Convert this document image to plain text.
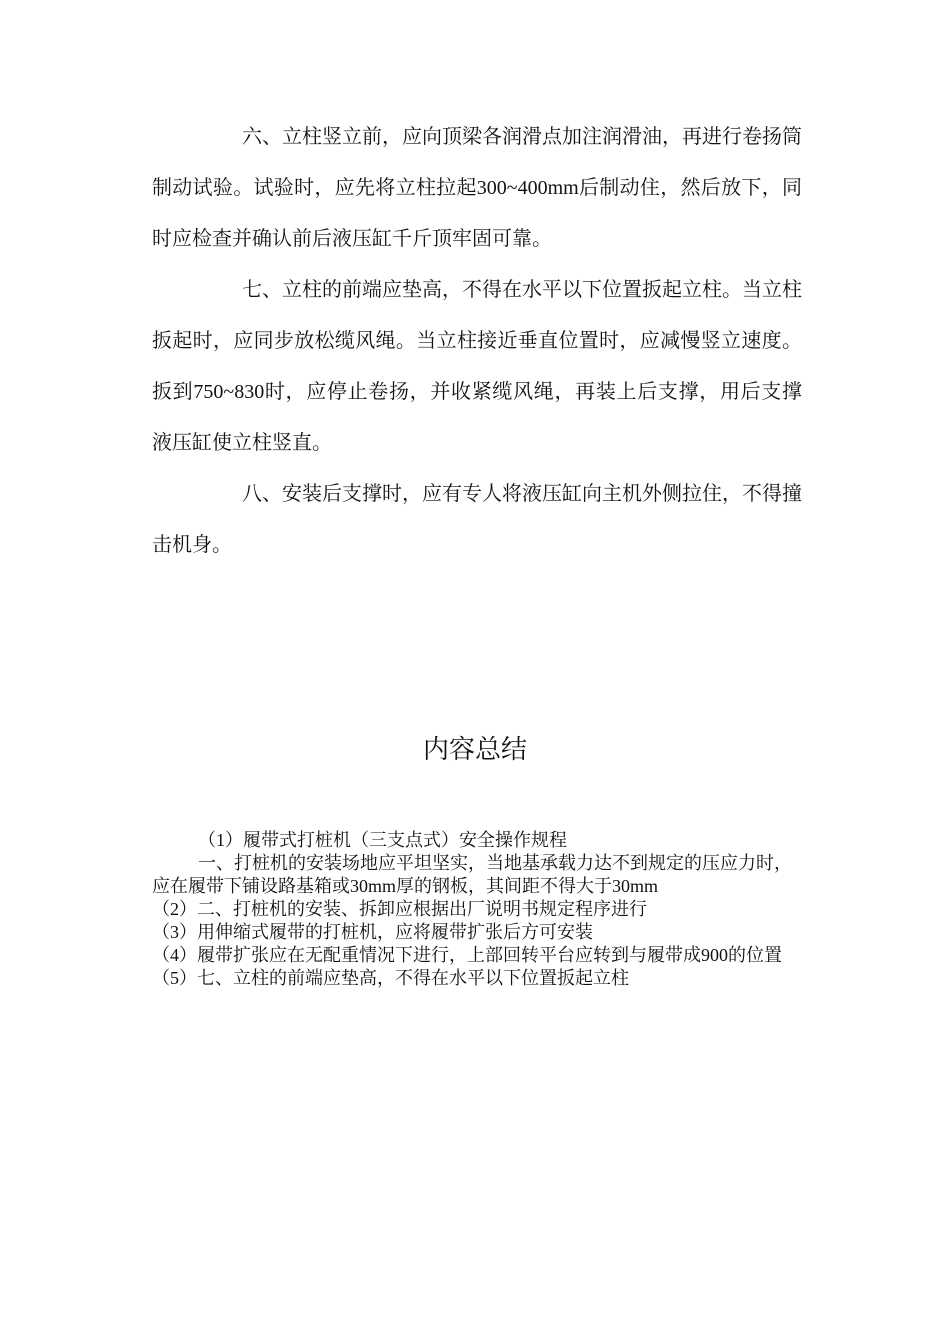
六、立柱竖立前，应向顶梁各润滑点加注润滑油，再进行卷扬筒制动试验。试验时，应先将立柱拉起300~400mm后制动住，然后放下，同时应检查并确认前后液压缸千斤顶牢固可靠。

七、立柱的前端应垫高，不得在水平以下位置扳起立柱。当立柱扳起时，应同步放松缆风绳。当立柱接近垂直位置时，应减慢竖立速度。扳到750~830时，应停止卷扬，并收紧缆风绳，再装上后支撑，用后支撑液压缸使立柱竖直。

八、安装后支撑时，应有专人将液压缸向主机外侧拉住，不得撞击机身。

内容总结

（1）履带式打桩机（三支点式）安全操作规程

一、打桩机的安装场地应平坦坚实，当地基承载力达不到规定的压应力时，应在履带下铺设路基箱或30mm厚的钢板，其间距不得大于30mm

（2）二、打桩机的安装、拆卸应根据出厂说明书规定程序进行

（3）用伸缩式履带的打桩机，应将履带扩张后方可安装

（4）履带扩张应在无配重情况下进行，上部回转平台应转到与履带成900的位置

（5）七、立柱的前端应垫高，不得在水平以下位置扳起立柱
